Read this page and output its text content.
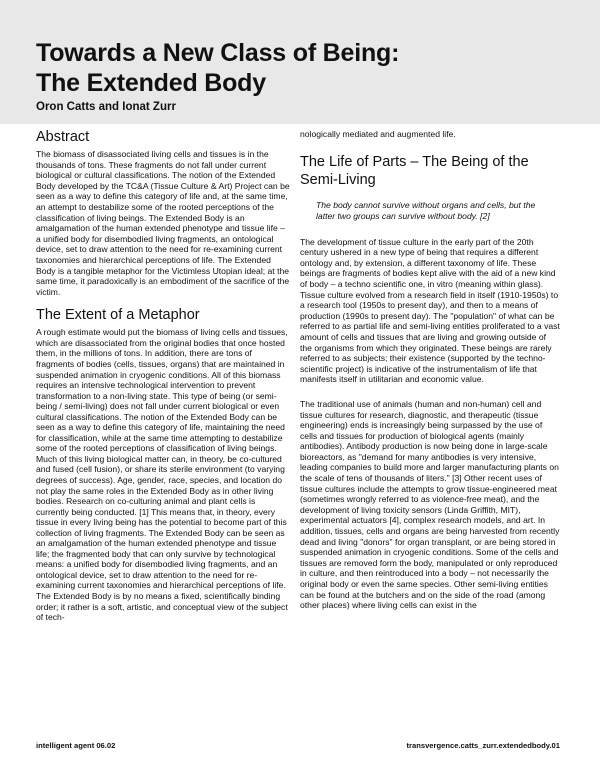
Towards a New Class of Being:
The Extended Body

Oron Catts and Ionat Zurr

Abstract

The biomass of disassociated living cells and tissues is in the thousands of tons. These fragments do not fall under current biological or cultural classifications. The notion of the Extended Body developed by the TC&A (Tissue Culture & Art) Project can be seen as a way to define this category of life and, at the same time, an attempt to destabilize some of the rooted perceptions of the classification of living beings. The Extended Body is an amalgamation of the human extended phenotype and tissue life – a unified body for disembodied living fragments, an ontological device, set to draw attention to the need for re-examining current taxonomies and hierarchical perceptions of life. The Extended Body is a tangible metaphor for the Victimless Utopian ideal; at the same time, it paradoxically is an embodiment of the sacrifice of the victim.

The Extent of a Metaphor

A rough estimate would put the biomass of living cells and tissues, which are disassociated from the original bodies that once hosted them, in the millions of tons. In addition, there are tons of fragments of bodies (cells, tissues, organs) that are maintained in suspended animation in cryogenic conditions. All of this biomass requires an intensive technological intervention to prevent transformation to a non-living state. This type of being (or semi-being / semi-living) does not fall under current biological or even cultural classifications. The notion of the Extended Body can be seen as a way to define this category of life, maintaining the need for classification, while at the same time attempting to destabilize some of the rooted perceptions of classification of living beings. Much of this living biological matter can, in theory, be co-cultured and fused (cell fusion), or share its sterile environment (to varying degrees of success). Age, gender, race, species, and location do not play the same roles in the Extended Body as in other living bodies. Research on co-culturing animal and plant cells is currently being conducted. [1] This means that, in theory, every tissue in every living being has the potential to become part of this collection of living fragments. The Extended Body can be seen as an amalgamation of the human extended phenotype and tissue life; the fragmented body that can only survive by technological means: a unified body for disembodied living fragments, and an ontological device, set to draw attention to the need for re-examining current taxonomies and hierarchical perceptions of life. The Extended Body is by no means a fixed, scientifically binding order; it rather is a soft, artistic, and conceptual view of the subject of tech-

nologically mediated and augmented life.

The Life of Parts – The Being of the Semi-Living

The body cannot survive without organs and cells, but the latter two groups can survive without body. [2]

The development of tissue culture in the early part of the 20th century ushered in a new type of being that requires a different ontology and, by extension, a different taxonomy of life. These beings are fragments of bodies kept alive with the aid of a new kind of body – a techno scientific one, in vitro (meaning within glass). Tissue culture evolved from a research field in itself (1910-1950s) to a research tool (1950s to present day), and then to a means of production (1990s to present day). The "population" of what can be referred to as partial life and semi-living entities proliferated to a vast amount of cells and tissues that are living and growing outside of the organisms from which they originated. These beings are rarely referred to as subjects; their existence (supported by the techno-scientific project) is indicative of the instrumentalism of life that manifests itself in utilitarian and economic value.

The traditional use of animals (human and non-human) cell and tissue cultures for research, diagnostic, and therapeutic (tissue engineering) ends is increasingly being surpassed by the use of cells and tissues for production of biological agents (mainly antibodies). Antibody production is now being done in large-scale bioreactors, as "demand for many antibodies is very intensive, leading companies to build more and larger manufacturing plants on the scale of tens of thousands of liters." [3] Other recent uses of tissue cultures include the attempts to grow tissue-engineered meat (sometimes wrongly referred to as violence-free meat), and the development of living toxicity sensors (Linda Griffith, MIT), experimental actuators [4], complex research models, and art. In addition, tissues, cells and organs are being harvested from recently dead and living "donors" for organ transplant, or are being stored in suspended animation in cryogenic conditions. Some of the cells and tissues are removed form the body, manipulated or only reproduced in culture, and then reintroduced into a body – not necessarily the original body or even the same species. Other semi-living entities can be found at the butchers and on the side of the road (among other places) where living cells can exist in the

intelligent agent 06.02	transvergence.catts_zurr.extendedbody.01
